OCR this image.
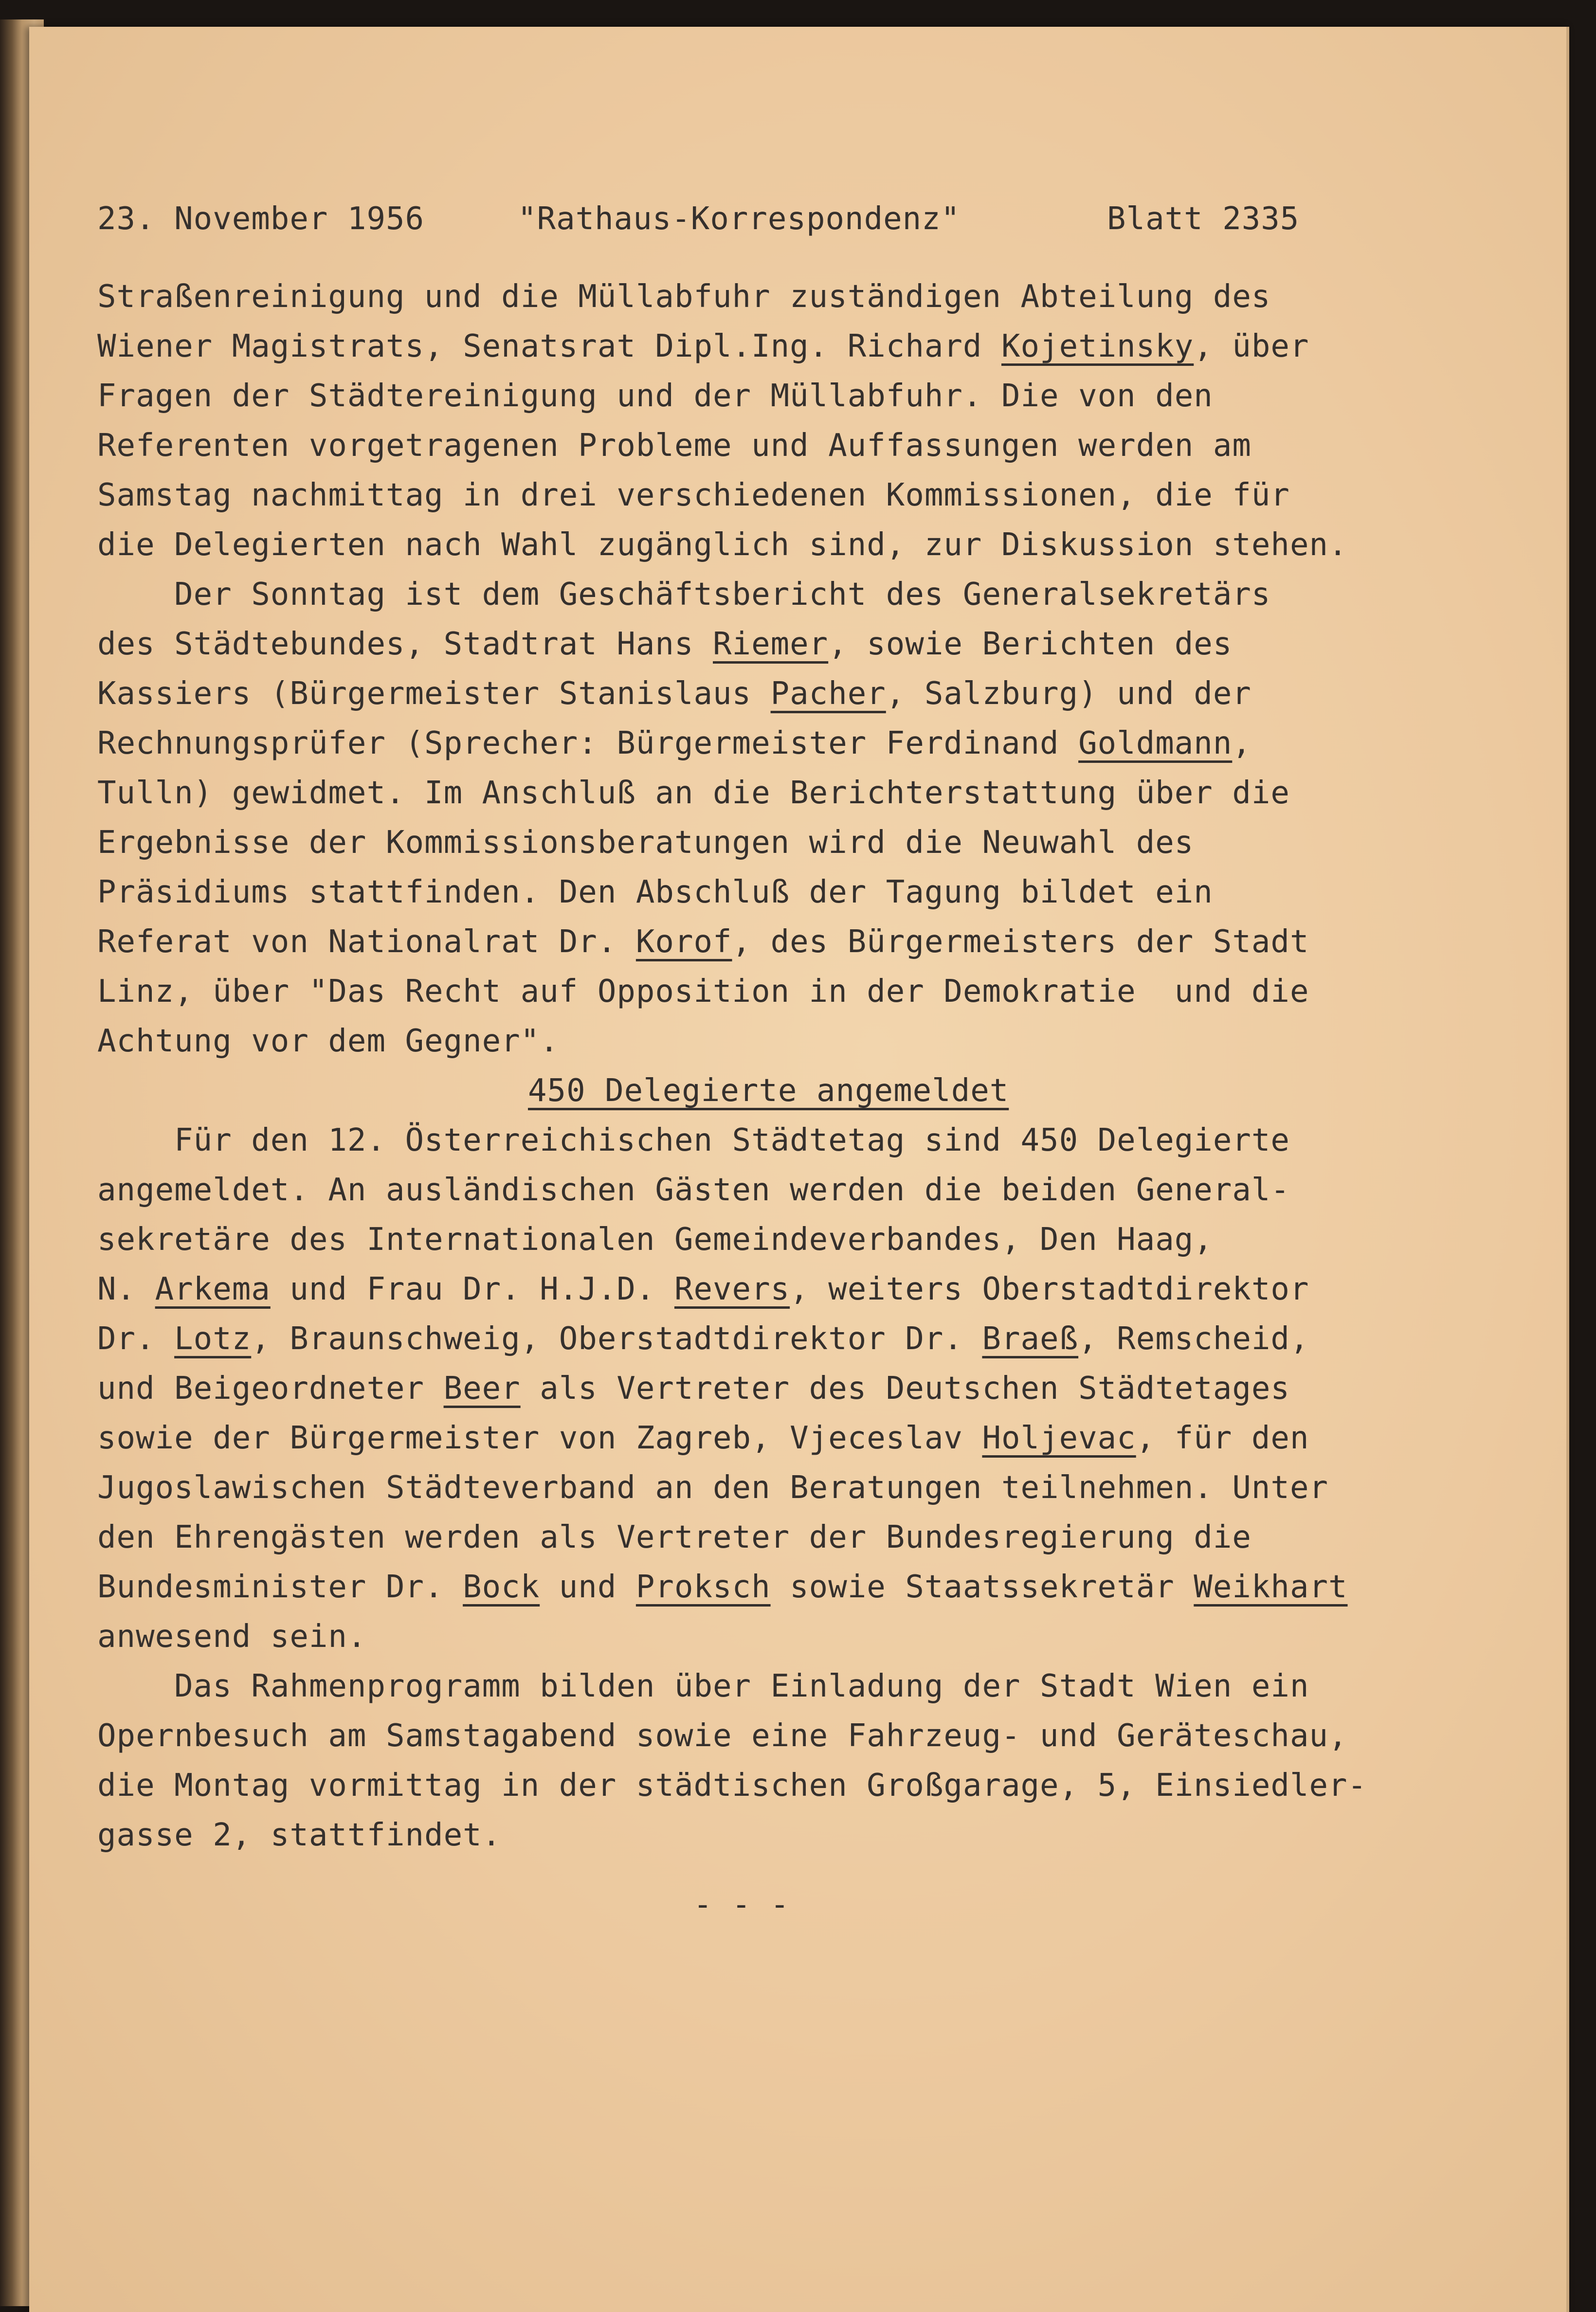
23. November 1956

	"Rathaus-Korrespondenz"

	Blatt 2335

Straßenreinigung und die Müllabfuhr zuständigen Abteilung des
Wiener Magistrats, Senatsrat Dipl.Ing. Richard Kojetinsky, über
Fragen der Städtereinigung und der Müllabfuhr. Die von den
Referenten vorgetragenen Probleme und Auffassungen werden am
Samstag nachmittag in drei verschiedenen Kommissionen, die für
die Delegierten nach Wahl zugänglich sind, zur Diskussion stehen.
Der Sonntag ist dem Geschäftsbericht des Generalsekretärs
des Städtebundes, Stadtrat Hans Riemer, sowie Berichten des
Kassiers (Bürgermeister Stanislaus Pacher, Salzburg) und der
Rechnungsprüfer (Sprecher: Bürgermeister Ferdinand Goldmann,
Tulln) gewidmet. Im Anschluß an die Berichterstattung über die
Ergebnisse der Kommissionsberatungen wird die Neuwahl des
Präsidiums stattfinden. Den Abschluß der Tagung bildet ein
Referat von Nationalrat Dr. Korof, des Bürgermeisters der Stadt
Linz, über "Das Recht auf Opposition in der Demokratie  und die
Achtung vor dem Gegner".
450 Delegierte angemeldet
Für den 12. Österreichischen Städtetag sind 450 Delegierte
angemeldet. An ausländischen Gästen werden die beiden General-
sekretäre des Internationalen Gemeindeverbandes, Den Haag,
N. Arkema und Frau Dr. H.J.D. Revers, weiters Oberstadtdirektor
Dr. Lotz, Braunschweig, Oberstadtdirektor Dr. Braeß, Remscheid,
und Beigeordneter Beer als Vertreter des Deutschen Städtetages
sowie der Bürgermeister von Zagreb, Vjeceslav Holjevac, für den
Jugoslawischen Städteverband an den Beratungen teilnehmen. Unter
den Ehrengästen werden als Vertreter der Bundesregierung die
Bundesminister Dr. Bock und Proksch sowie Staatssekretär Weikhart
anwesend sein.
Das Rahmenprogramm bilden über Einladung der Stadt Wien ein
Opernbesuch am Samstagabend sowie eine Fahrzeug- und Geräteschau,
die Montag vormittag in der städtischen Großgarage, 5, Einsiedler-
gasse 2, stattfindet.
- - -
